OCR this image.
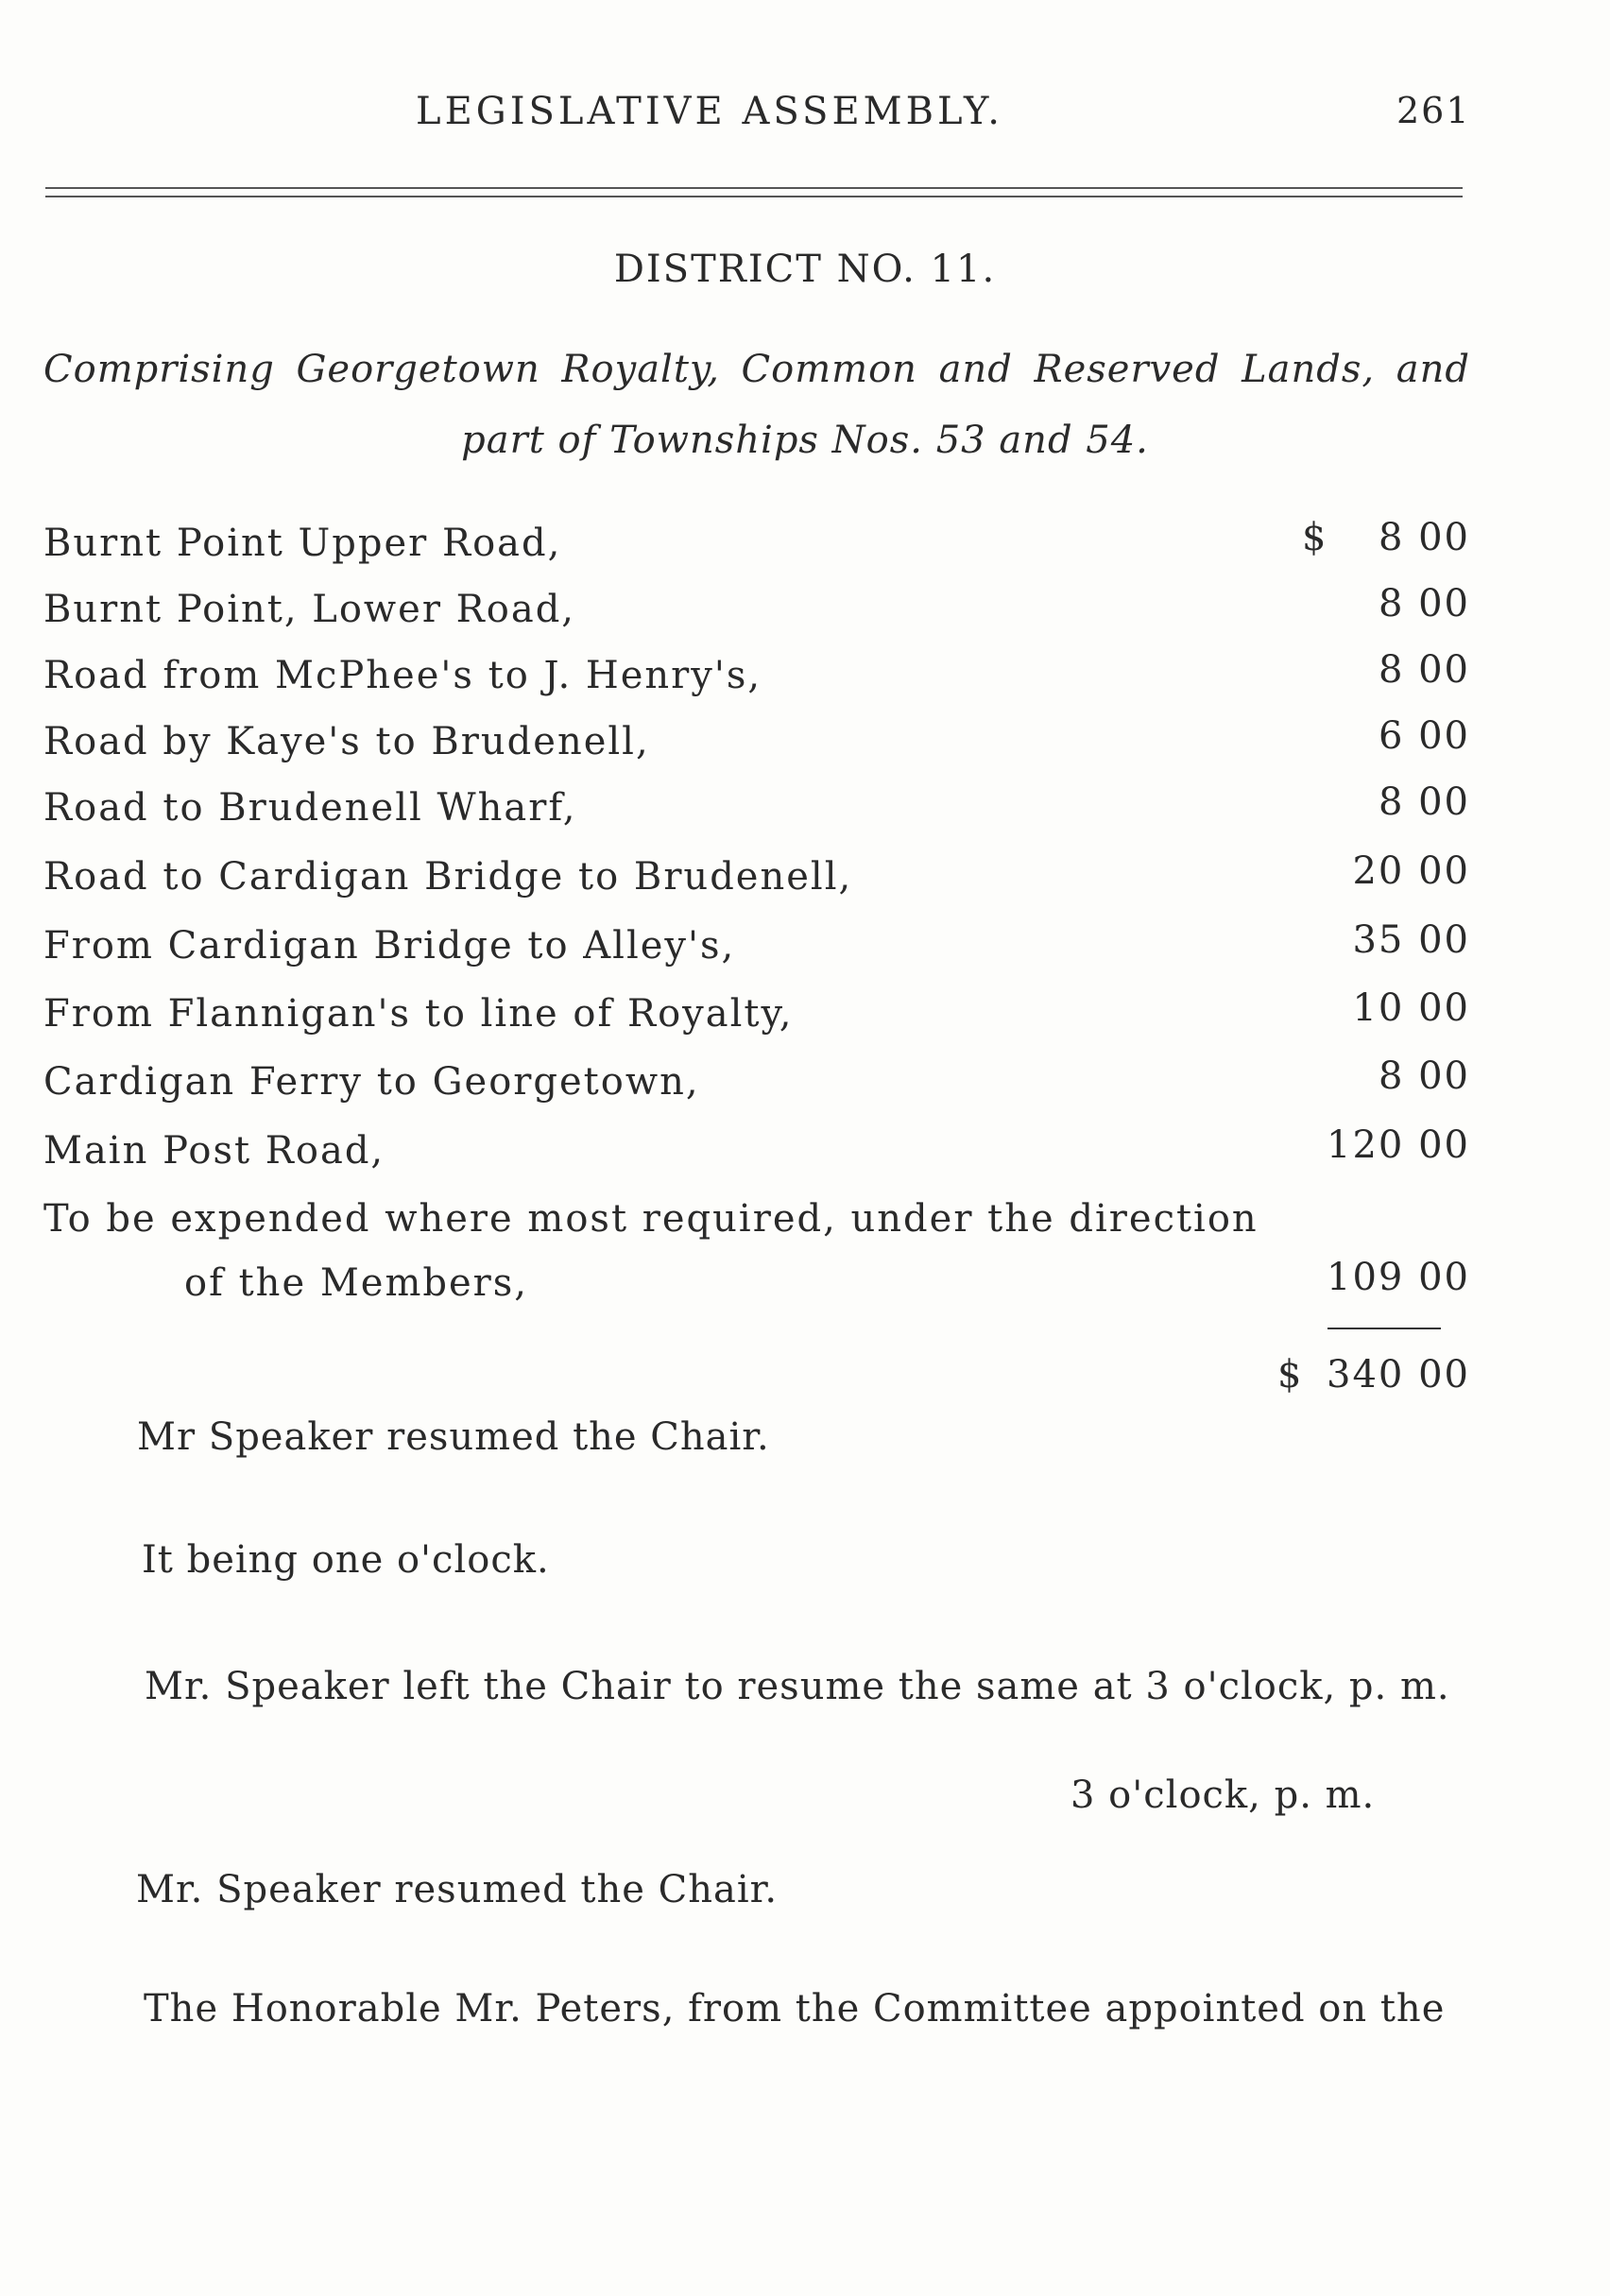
LEGISLATIVE ASSEMBLY.	261
DISTRICT NO. 11.
Comprising Georgetown Royalty, Common and Reserved Lands, and
part of Townships Nos. 53 and 54.
Burnt Point Upper Road,	$	8 00
Burnt Point, Lower Road,	8 00
Road from McPhee's to J. Henry's,	8 00
Road by Kaye's to Brudenell,	6 00
Road to Brudenell Wharf,	8 00
Road to Cardigan Bridge to Brudenell,	20 00
From Cardigan Bridge to Alley's,	35 00
From Flannigan's to line of Royalty,	10 00
Cardigan Ferry to Georgetown,	8 00
Main Post Road,	120 00
To be expended where most required, under the direction
of the Members,	109 00
$ 340 00
Mr Speaker resumed the Chair.
It being one o'clock.
Mr. Speaker left the Chair to resume the same at 3 o'clock, p. m.
3 o'clock, p. m.
Mr. Speaker resumed the Chair.
The Honorable Mr. Peters, from the Committee appointed on the
